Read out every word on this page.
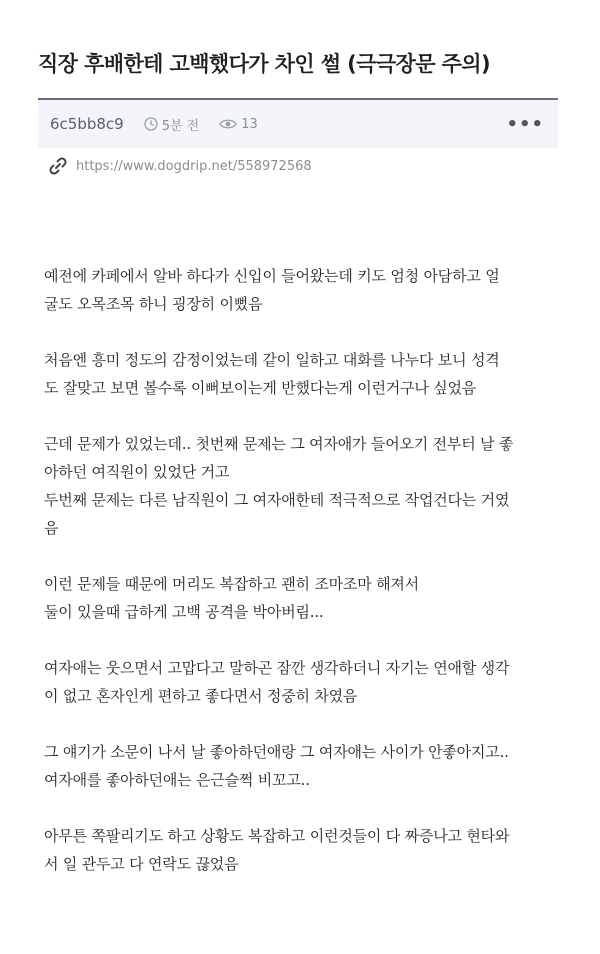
직장 후배한테 고백했다가 차인 썰 (극극장문 주의)
6c5bb8c9	5분 전	13	•••
https://www.dogdrip.net/558972568
예전에 카페에서 알바 하다가 신입이 들어왔는데 키도 엄청 아담하고 얼
굴도 오목조목 하니 굉장히 이뻤음
처음엔 흥미 정도의 감정이었는데 같이 일하고 대화를 나누다 보니 성격
도 잘맞고 보면 볼수록 이뻐보이는게 반했다는게 이런거구나 싶었음
근데 문제가 있었는데.. 첫번째 문제는 그 여자애가 들어오기 전부터 날 좋
아하던 여직원이 있었단 거고
두번째 문제는 다른 남직원이 그 여자애한테 적극적으로 작업건다는 거였
음
이런 문제들 때문에 머리도 복잡하고 괜히 조마조마 해져서
둘이 있을때 급하게 고백 공격을 박아버림...
여자애는 웃으면서 고맙다고 말하곤 잠깐 생각하더니 자기는 연애할 생각
이 없고 혼자인게 편하고 좋다면서 정중히 차였음
그 얘기가 소문이 나서 날 좋아하던애랑 그 여자애는 사이가 안좋아지고..
여자애를 좋아하던애는 은근슬쩍 비꼬고..
아무튼 쪽팔리기도 하고 상황도 복잡하고 이런것들이 다 짜증나고 현타와
서 일 관두고 다 연락도 끊었음
